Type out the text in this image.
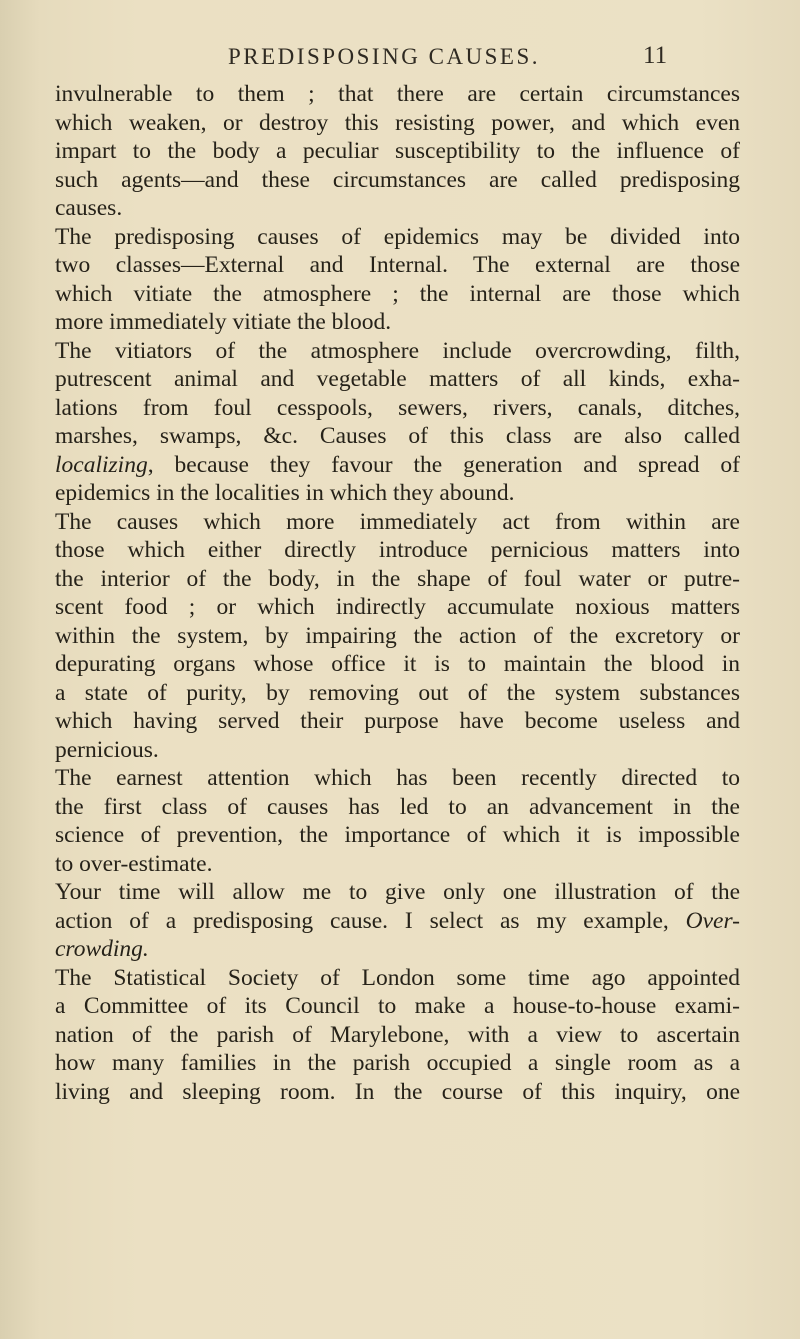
PREDISPOSING CAUSES.	11
invulnerable to them ; that there are certain circumstances
which weaken, or destroy this resisting power, and which even
impart to the body a peculiar susceptibility to the influence of
such agents—and these circumstances are called predisposing
causes.
The predisposing causes of epidemics may be divided into
two classes—External and Internal. The external are those
which vitiate the atmosphere ; the internal are those which
more immediately vitiate the blood.
The vitiators of the atmosphere include overcrowding, filth,
putrescent animal and vegetable matters of all kinds, exha-
lations from foul cesspools, sewers, rivers, canals, ditches,
marshes, swamps, &c. Causes of this class are also called
localizing, because they favour the generation and spread of
epidemics in the localities in which they abound.
The causes which more immediately act from within are
those which either directly introduce pernicious matters into
the interior of the body, in the shape of foul water or putre-
scent food ; or which indirectly accumulate noxious matters
within the system, by impairing the action of the excretory or
depurating organs whose office it is to maintain the blood in
a state of purity, by removing out of the system substances
which having served their purpose have become useless and
pernicious.
The earnest attention which has been recently directed to
the first class of causes has led to an advancement in the
science of prevention, the importance of which it is impossible
to over-estimate.
Your time will allow me to give only one illustration of the
action of a predisposing cause. I select as my example, Over-
crowding.
The Statistical Society of London some time ago appointed
a Committee of its Council to make a house-to-house exami-
nation of the parish of Marylebone, with a view to ascertain
how many families in the parish occupied a single room as a
living and sleeping room. In the course of this inquiry, one
